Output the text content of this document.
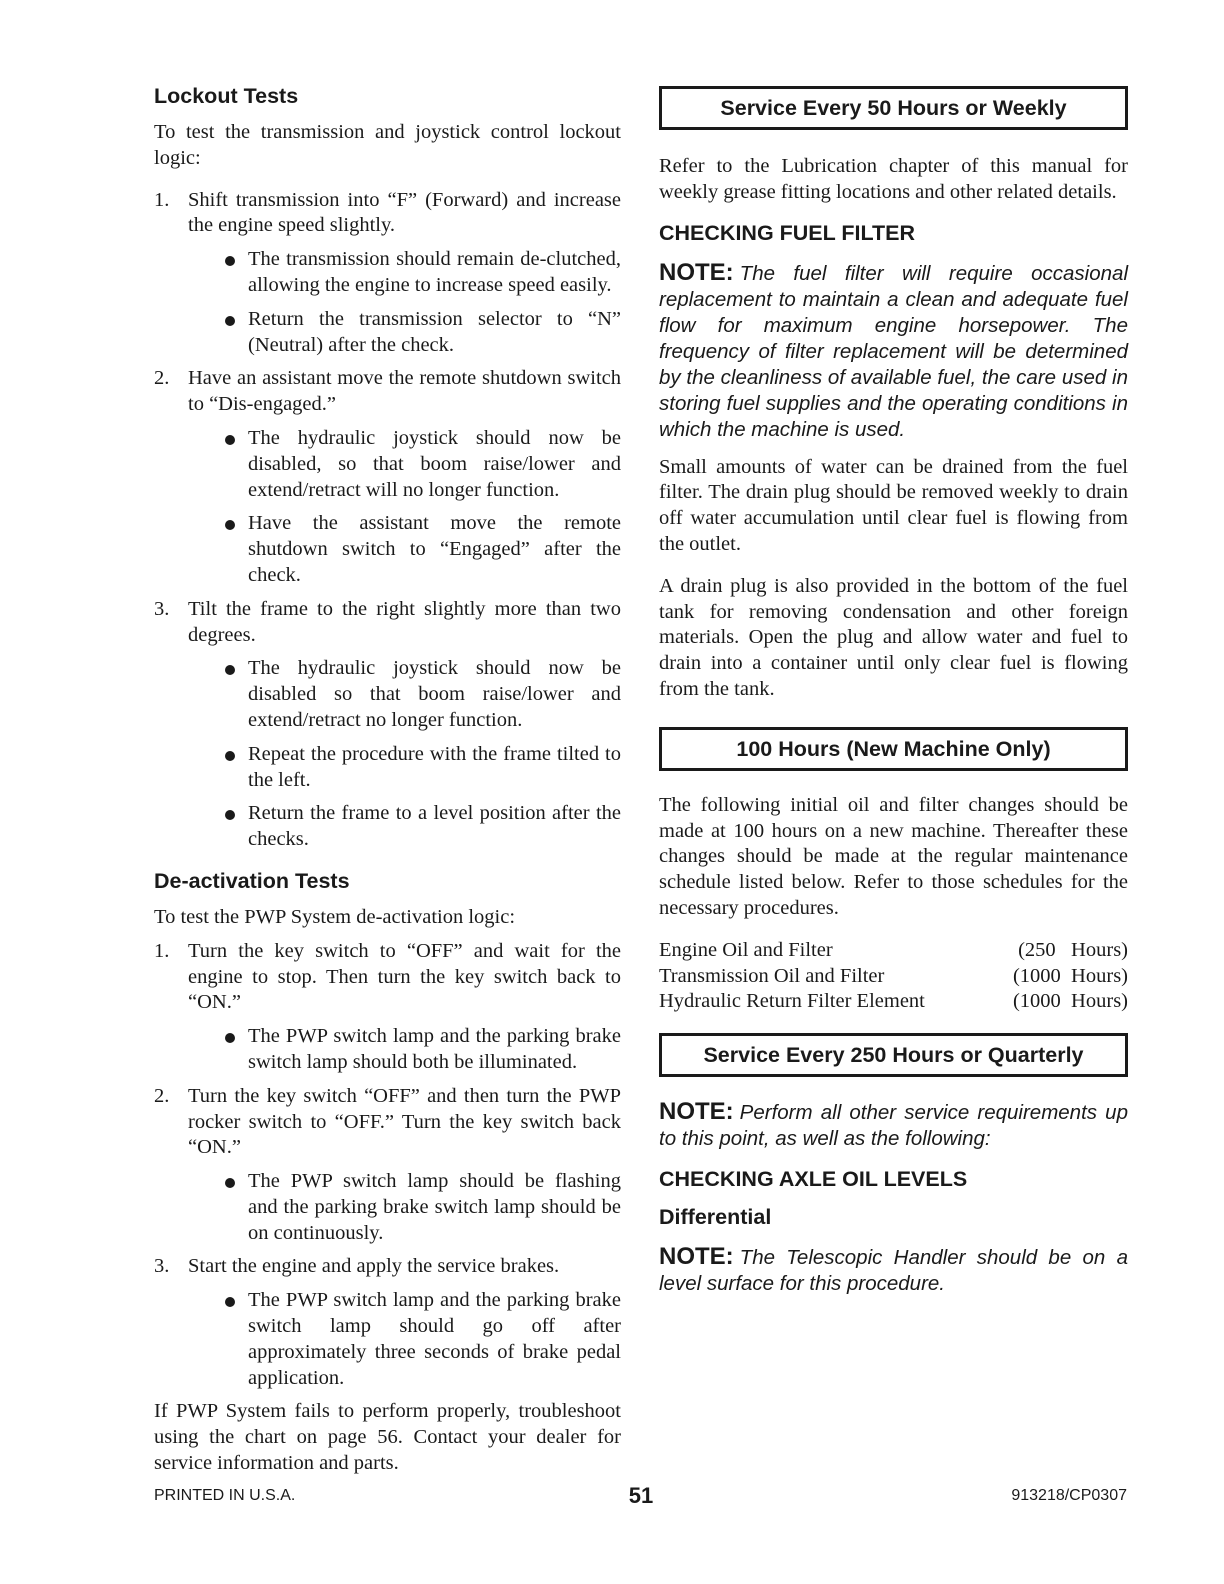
Lockout Tests

To test the transmission and joystick control lockout logic:

1. Shift transmission into “F” (Forward) and increase the engine speed slightly.
The transmission should remain de-clutched, allowing the engine to increase speed easily.
Return the transmission selector to “N” (Neutral) after the check.
2. Have an assistant move the remote shutdown switch to “Dis-engaged.”
The hydraulic joystick should now be disabled, so that boom raise/lower and extend/retract will no longer function.
Have the assistant move the remote shutdown switch to “Engaged” after the check.
3. Tilt the frame to the right slightly more than two degrees.
The hydraulic joystick should now be disabled so that boom raise/lower and extend/retract no longer function.
Repeat the procedure with the frame tilted to the left.
Return the frame to a level position after the checks.
De-activation Tests

To test the PWP System de-activation logic:

1. Turn the key switch to “OFF” and wait for the engine to stop. Then turn the key switch back to “ON.”
The PWP switch lamp and the parking brake switch lamp should both be illuminated.
2. Turn the key switch “OFF” and then turn the PWP rocker switch to “OFF.” Turn the key switch back “ON.”
The PWP switch lamp should be flashing and the parking brake switch lamp should be on continuously.
3. Start the engine and apply the service brakes.
The PWP switch lamp and the parking brake switch lamp should go off after approximately three seconds of brake pedal application.

If PWP System fails to perform properly, troubleshoot using the chart on page 56. Contact your dealer for service information and parts.

Service Every 50 Hours or Weekly

Refer to the Lubrication chapter of this manual for weekly grease fitting locations and other related details.

CHECKING FUEL FILTER

NOTE: The fuel filter will require occasional replacement to maintain a clean and adequate fuel flow for maximum engine horsepower. The frequency of filter replacement will be determined by the cleanliness of available fuel, the care used in storing fuel supplies and the operating conditions in which the machine is used.

Small amounts of water can be drained from the fuel filter. The drain plug should be removed weekly to drain off water accumulation until clear fuel is flowing from the outlet.

A drain plug is also provided in the bottom of the fuel tank for removing condensation and other foreign materials. Open the plug and allow water and fuel to drain into a container until only clear fuel is flowing from the tank.

100 Hours (New Machine Only)

The following initial oil and filter changes should be made at 100 hours on a new machine. Thereafter these changes should be made at the regular maintenance schedule listed below. Refer to those schedules for the necessary procedures.

Engine Oil and Filter	(250   Hours)
Transmission Oil and Filter	(1000  Hours)
Hydraulic Return Filter Element	(1000  Hours)
Service Every 250 Hours or Quarterly

NOTE: Perform all other service requirements up to this point, as well as the following:

CHECKING AXLE OIL LEVELS
Differential

NOTE: The Telescopic Handler should be on a level surface for this procedure.

PRINTED IN U.S.A.	51	913218/CP0307
